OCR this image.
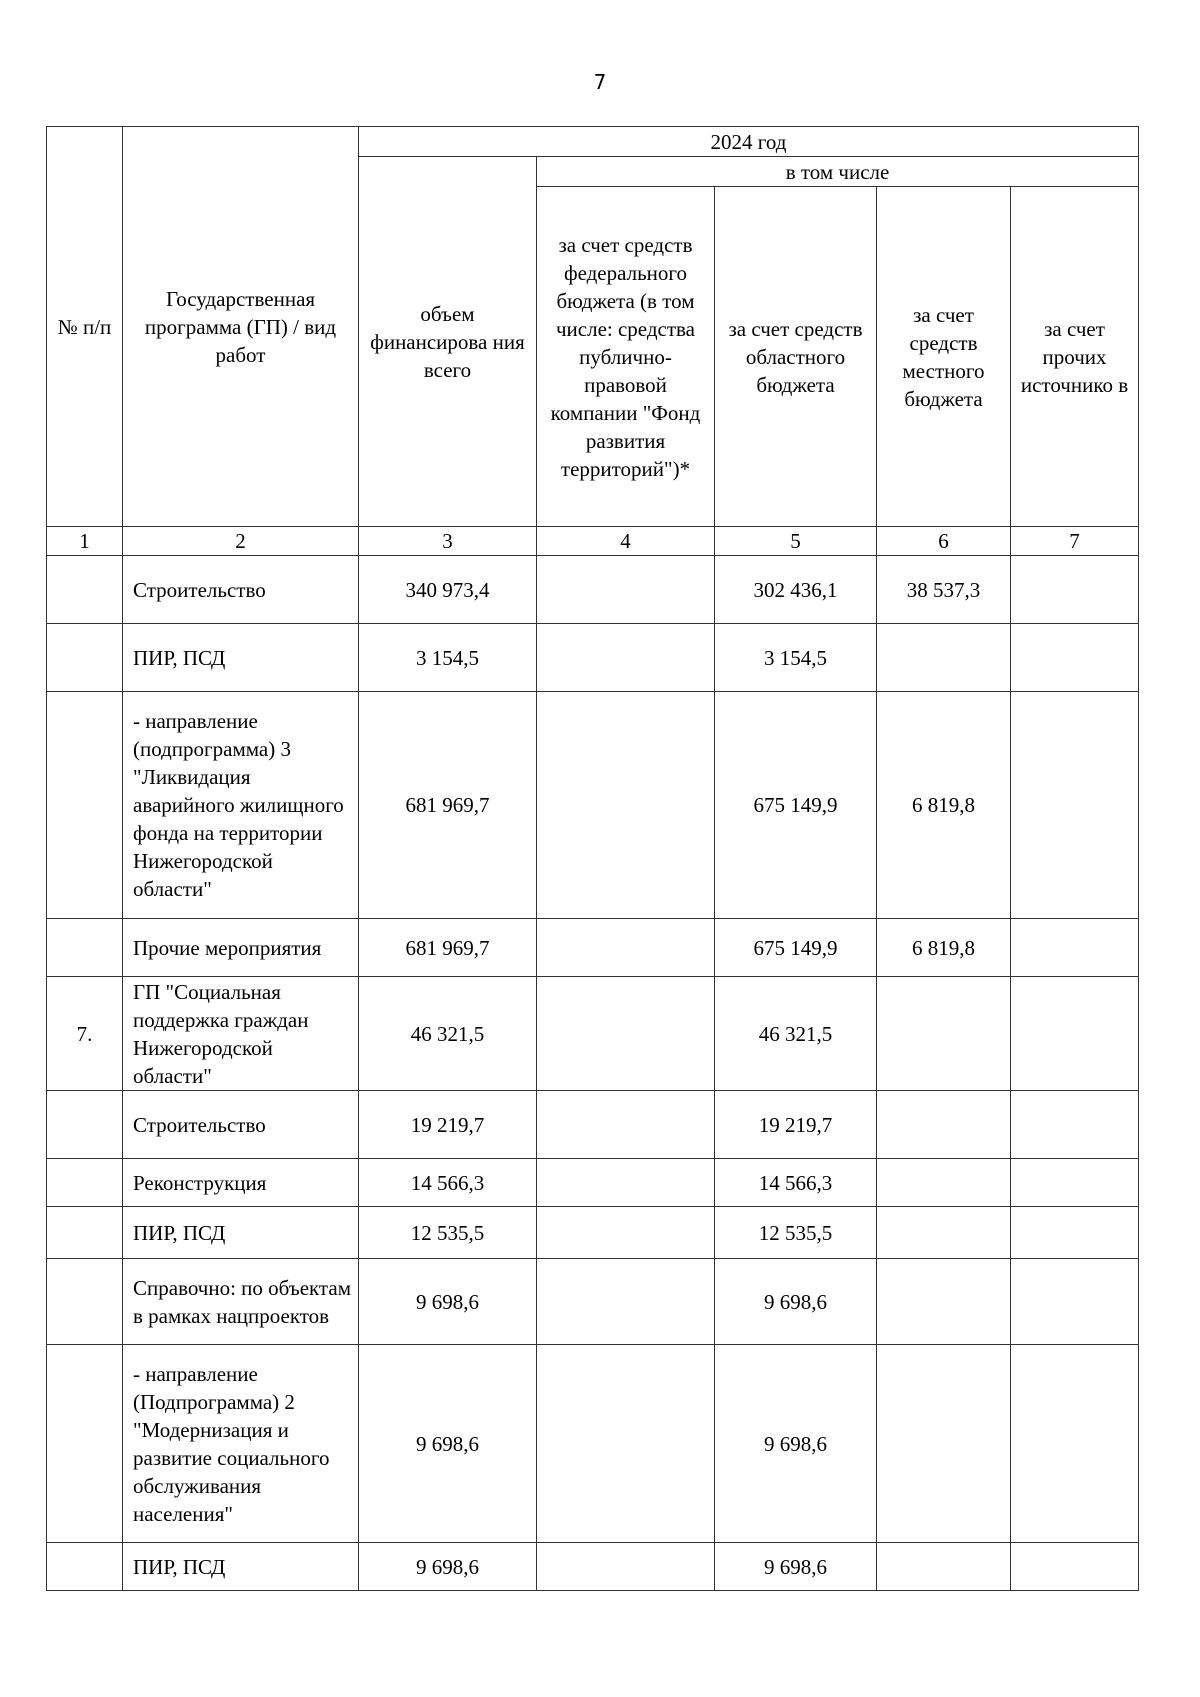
7
№ п/п	Государственная программа (ГП) / вид работ	2024 год				
		объем финансирова ния всего	в том числе			
			за счет средств федерального бюджета (в том числе: средства публично-правовой компании "Фонд развития территорий")*	за счет средств областного бюджета	за счет средств местного бюджета	за счет прочих источнико в
1	2	3	4	5	6	7
	Строительство	340 973,4		302 436,1	38 537,3	
	ПИР, ПСД	3 154,5		3 154,5		
	- направление (подпрограмма) 3 "Ликвидация аварийного жилищного фонда на территории Нижегородской области"	681 969,7		675 149,9	6 819,8	
	Прочие мероприятия	681 969,7		675 149,9	6 819,8	
7.	ГП "Социальная поддержка граждан Нижегородской области"	46 321,5		46 321,5		
	Строительство	19 219,7		19 219,7		
	Реконструкция	14 566,3		14 566,3		
	ПИР, ПСД	12 535,5		12 535,5		
	Справочно: по объектам в рамках нацпроектов	9 698,6		9 698,6		
	- направление (Подпрограмма) 2 "Модернизация и развитие социального обслуживания населения"	9 698,6		9 698,6		
	ПИР, ПСД	9 698,6		9 698,6		
